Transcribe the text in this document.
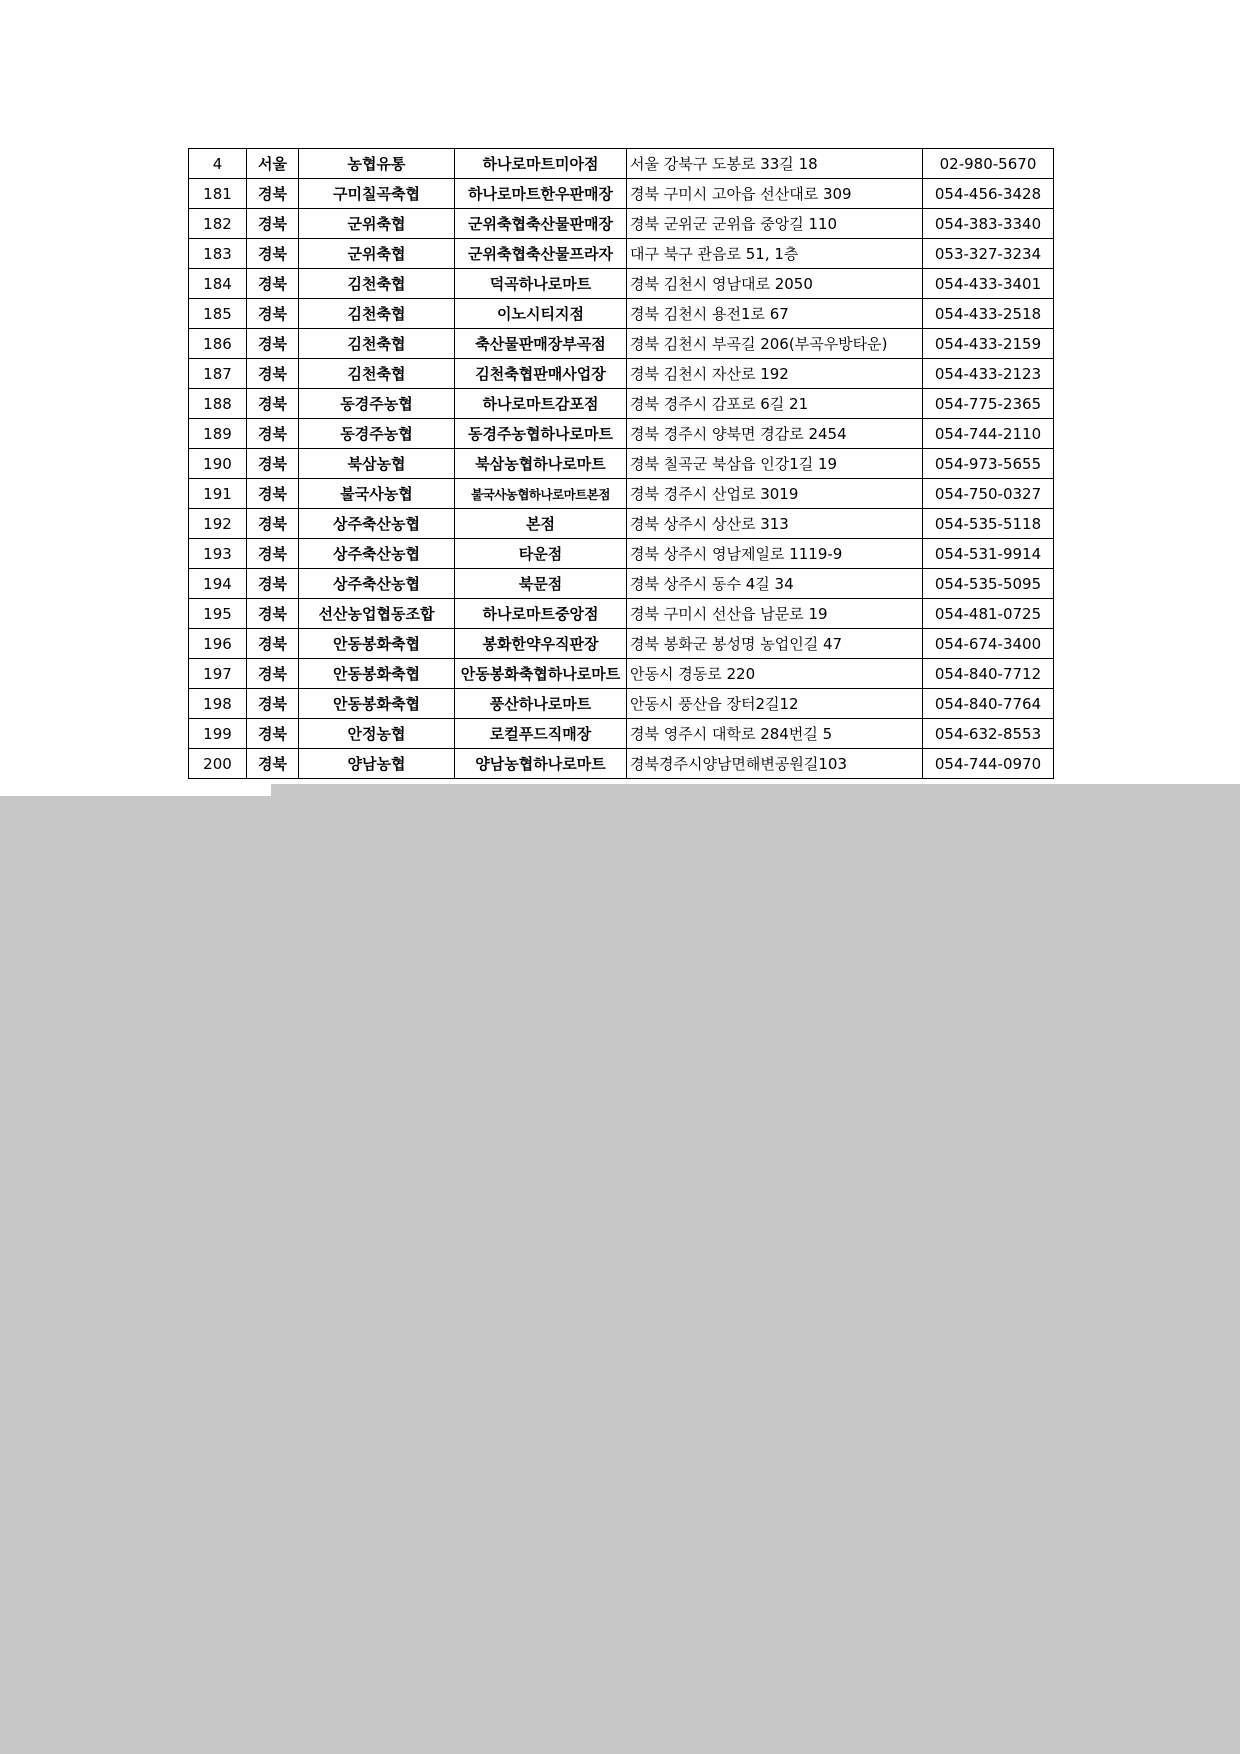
4	서울	농협유통	하나로마트미아점	서울 강북구 도봉로 33길 18	02-980-5670
181	경북	구미칠곡축협	하나로마트한우판매장	경북 구미시 고아읍 선산대로 309	054-456-3428
182	경북	군위축협	군위축협축산물판매장	경북 군위군 군위읍 중앙길 110	054-383-3340
183	경북	군위축협	군위축협축산물프라자	대구 북구 관음로 51, 1층	053-327-3234
184	경북	김천축협	덕곡하나로마트	경북 김천시 영남대로 2050	054-433-3401
185	경북	김천축협	이노시티지점	경북 김천시 용전1로 67	054-433-2518
186	경북	김천축협	축산물판매장부곡점	경북 김천시 부곡길 206(부곡우방타운)	054-433-2159
187	경북	김천축협	김천축협판매사업장	경북 김천시 자산로 192	054-433-2123
188	경북	동경주농협	하나로마트감포점	경북 경주시 감포로 6길 21	054-775-2365
189	경북	동경주농협	동경주농협하나로마트	경북 경주시 양북면 경감로 2454	054-744-2110
190	경북	북삼농협	북삼농협하나로마트	경북 칠곡군 북삼읍 인강1길 19	054-973-5655
191	경북	불국사농협	불국사농협하나로마트본점	경북 경주시 산업로 3019	054-750-0327
192	경북	상주축산농협	본점	경북 상주시 상산로 313	054-535-5118
193	경북	상주축산농협	타운점	경북 상주시 영남제일로 1119-9	054-531-9914
194	경북	상주축산농협	북문점	경북 상주시 동수 4길 34	054-535-5095
195	경북	선산농업협동조합	하나로마트중앙점	경북 구미시 선산읍 남문로 19	054-481-0725
196	경북	안동봉화축협	봉화한약우직판장	경북 봉화군 봉성명 농업인길 47	054-674-3400
197	경북	안동봉화축협	안동봉화축협하나로마트	안동시 경동로 220	054-840-7712
198	경북	안동봉화축협	풍산하나로마트	안동시 풍산읍 장터2길12	054-840-7764
199	경북	안정농협	로컬푸드직매장	경북 영주시 대학로 284번길 5	054-632-8553
200	경북	양남농협	양남농협하나로마트	경북경주시양남면해변공원길103	054-744-0970
